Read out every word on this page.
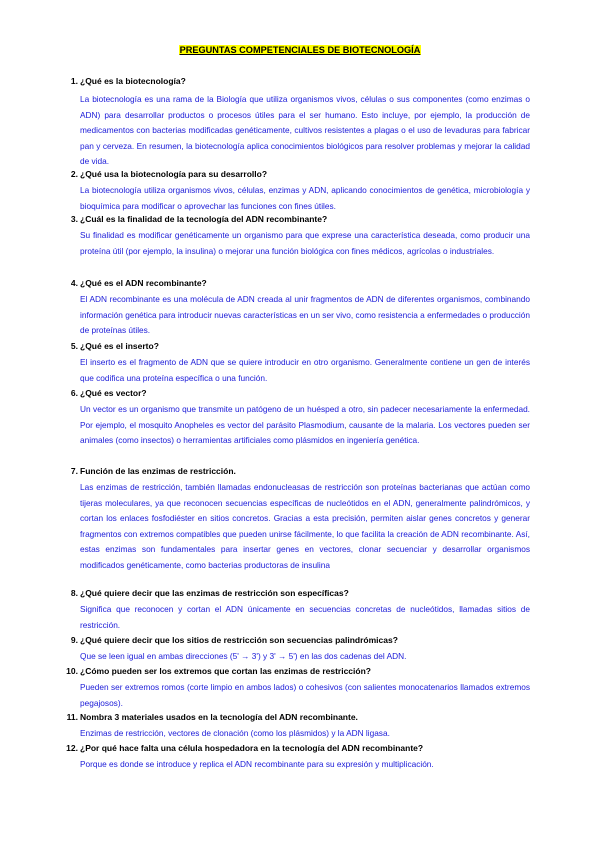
PREGUNTAS COMPETENCIALES DE BIOTECNOLOGÍA
1. ¿Qué es la biotecnología?
La biotecnología es una rama de la Biología que utiliza organismos vivos, células o sus componentes (como enzimas o ADN) para desarrollar productos o procesos útiles para el ser humano. Esto incluye, por ejemplo, la producción de medicamentos con bacterias modificadas genéticamente, cultivos resistentes a plagas o el uso de levaduras para fabricar pan y cerveza. En resumen, la biotecnología aplica conocimientos biológicos para resolver problemas y mejorar la calidad de vida.
2. ¿Qué usa la biotecnología para su desarrollo?
La biotecnología utiliza organismos vivos, células, enzimas y ADN, aplicando conocimientos de genética, microbiología y bioquímica para modificar o aprovechar las funciones con fines útiles.
3. ¿Cuál es la finalidad de la tecnología del ADN recombinante?
Su finalidad es modificar genéticamente un organismo para que exprese una característica deseada, como producir una proteína útil (por ejemplo, la insulina) o mejorar una función biológica con fines médicos, agrícolas o industriales.
4. ¿Qué es el ADN recombinante?
El ADN recombinante es una molécula de ADN creada al unir fragmentos de ADN de diferentes organismos, combinando información genética para introducir nuevas características en un ser vivo, como resistencia a enfermedades o producción de proteínas útiles.
5. ¿Qué es el inserto?
El inserto es el fragmento de ADN que se quiere introducir en otro organismo. Generalmente contiene un gen de interés que codifica una proteína específica o una función.
6. ¿Qué es vector?
Un vector es un organismo que transmite un patógeno de un huésped a otro, sin padecer necesariamente la enfermedad. Por ejemplo, el mosquito Anopheles es vector del parásito Plasmodium, causante de la malaria. Los vectores pueden ser animales (como insectos) o herramientas artificiales como plásmidos en ingeniería genética.
7. Función de las enzimas de restricción.
Las enzimas de restricción, también llamadas endonucleasas de restricción son proteínas bacterianas que actúan como tijeras moleculares, ya que reconocen secuencias específicas de nucleótidos en el ADN, generalmente palindrómicos, y cortan los enlaces fosfodiéster en sitios concretos. Gracias a esta precisión, permiten aislar genes concretos y generar fragmentos con extremos compatibles que pueden unirse fácilmente, lo que facilita la creación de ADN recombinante. Así, estas enzimas son fundamentales para insertar genes en vectores, clonar secuenciar y desarrollar organismos modificados genéticamente, como bacterias productoras de insulina
8. ¿Qué quiere decir que las enzimas de restricción son específicas?
Significa que reconocen y cortan el ADN únicamente en secuencias concretas de nucleótidos, llamadas sitios de restricción.
9. ¿Qué quiere decir que los sitios de restricción son secuencias palindrómicas?
Que se leen igual en ambas direcciones (5' → 3') y 3' → 5') en las dos cadenas del ADN.
10. ¿Cómo pueden ser los extremos que cortan las enzimas de restricción?
Pueden ser extremos romos (corte limpio en ambos lados) o cohesivos (con salientes monocatenarios llamados extremos pegajosos).
11. Nombra 3 materiales usados en la tecnología del ADN recombinante.
Enzimas de restricción, vectores de clonación (como los plásmidos) y la ADN ligasa.
12. ¿Por qué hace falta una célula hospedadora en la tecnología del ADN recombinante?
Porque es donde se introduce y replica el ADN recombinante para su expresión y multiplicación.
